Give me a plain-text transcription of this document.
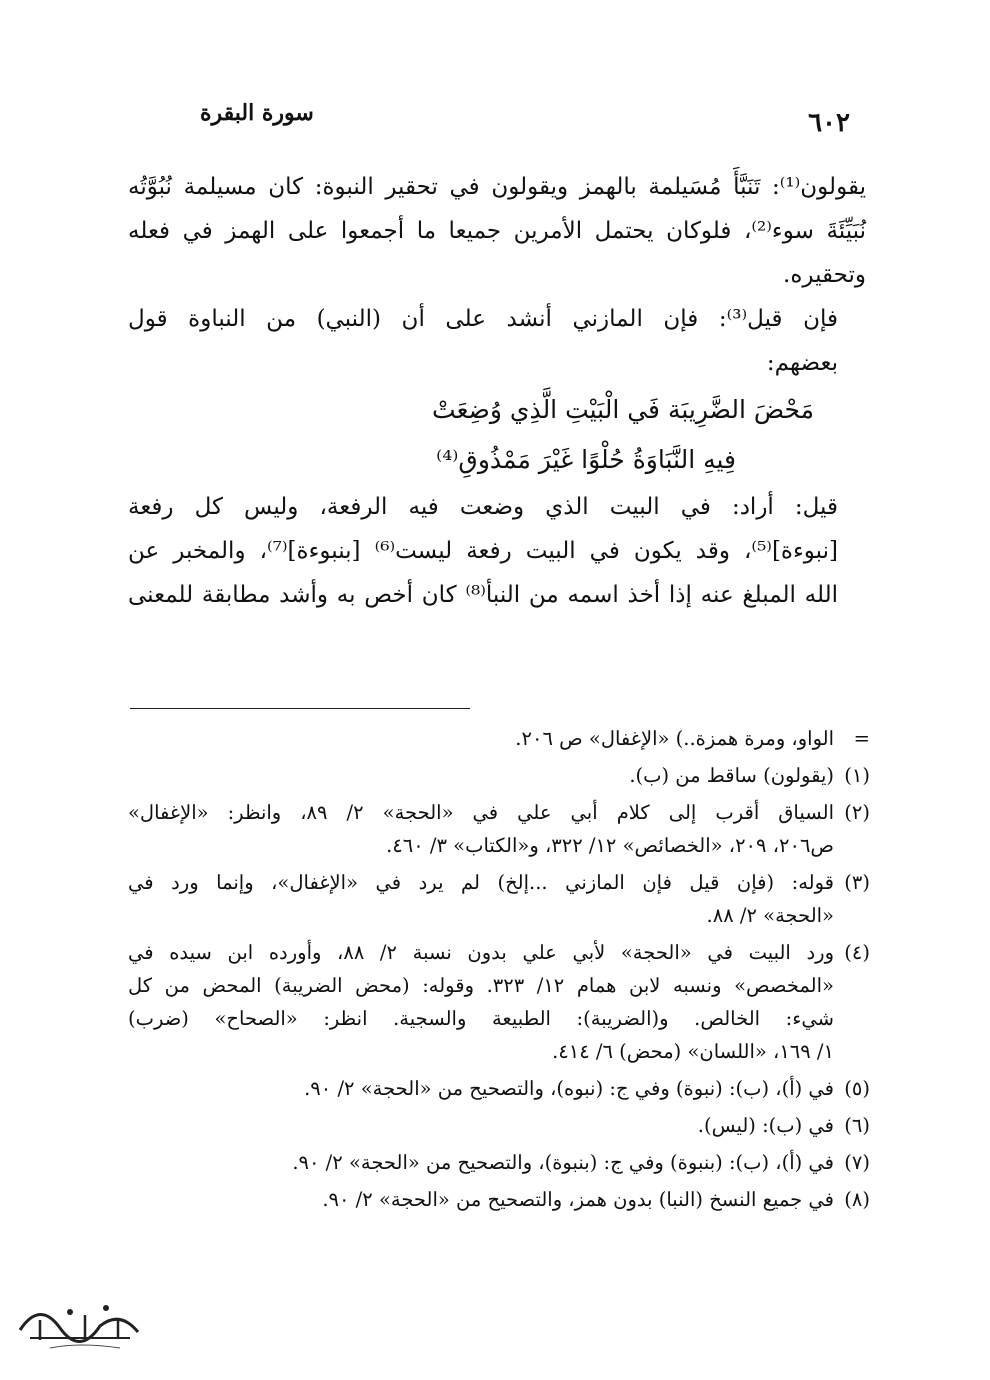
٦٠٢
سورة البقرة

يقولون⁽¹⁾: تَنَبَّأَ مُسَيلمة بالهمز ويقولون في تحقير النبوة: كان مسيلمة نُبُوَّتُه
نُبَيِّئَةَ سوء⁽²⁾، فلوكان يحتمل الأمرين جميعا ما أجمعوا على الهمز في فعله
وتحقيره.

فإن قيل⁽³⁾: فإن المازني أنشد على أن (النبي) من النباوة قول
بعضهم:

مَحْضَ الضَّرِيبَة فَي الْبَيْتِ الَّذِي وُضِعَتْ

فِيهِ النَّبَاوَةُ حُلْوًا غَيْرَ مَمْذُوقِ⁽⁴⁾

قيل: أراد: في البيت الذي وضعت فيه الرفعة، وليس كل رفعة
[نبوءة]⁽⁵⁾، وقد يكون في البيت رفعة ليست⁽⁶⁾ [بنبوءة]⁽⁷⁾، والمخبر عن
الله المبلغ عنه إذا أخذ اسمه من النبأ⁽⁸⁾ كان أخص به وأشد مطابقة للمعنى

=
الواو، ومرة همزة..) «الإغفال» ص ٢٠٦.
(١)
(يقولون) ساقط من (ب).
(٢)
السياق أقرب إلى كلام أبي علي في «الحجة» ٢/ ٨٩، وانظر: «الإغفال»
ص٢٠٦، ٢٠٩، «الخصائص» ١٢/ ٣٢٢، و«الكتاب» ٣/ ٤٦٠.
(٣)
قوله: (فإن قيل فإن المازني ...إلخ) لم يرد في «الإغفال»، وإنما ورد في
«الحجة» ٢/ ٨٨.
(٤)
ورد البيت في «الحجة» لأبي علي بدون نسبة ٢/ ٨٨، وأورده ابن سيده في
«المخصص» ونسبه لابن همام ١٢/ ٣٢٣. وقوله: (محض الضريبة) المحض من كل
شيء: الخالص. و(الضريبة): الطبيعة والسجية. انظر: «الصحاح» (ضرب)
١/ ١٦٩، «اللسان» (محض) ٦/ ٤١٤.
(٥)
في (أ)، (ب): (نبوة) وفي ج: (نبوه)، والتصحيح من «الحجة» ٢/ ٩٠.
(٦)
في (ب): (ليس).
(٧)
في (أ)، (ب): (بنبوة) وفي ج: (بنبوة)، والتصحيح من «الحجة» ٢/ ٩٠.
(٨)
في جميع النسخ (النبا) بدون همز، والتصحيح من «الحجة» ٢/ ٩٠.
